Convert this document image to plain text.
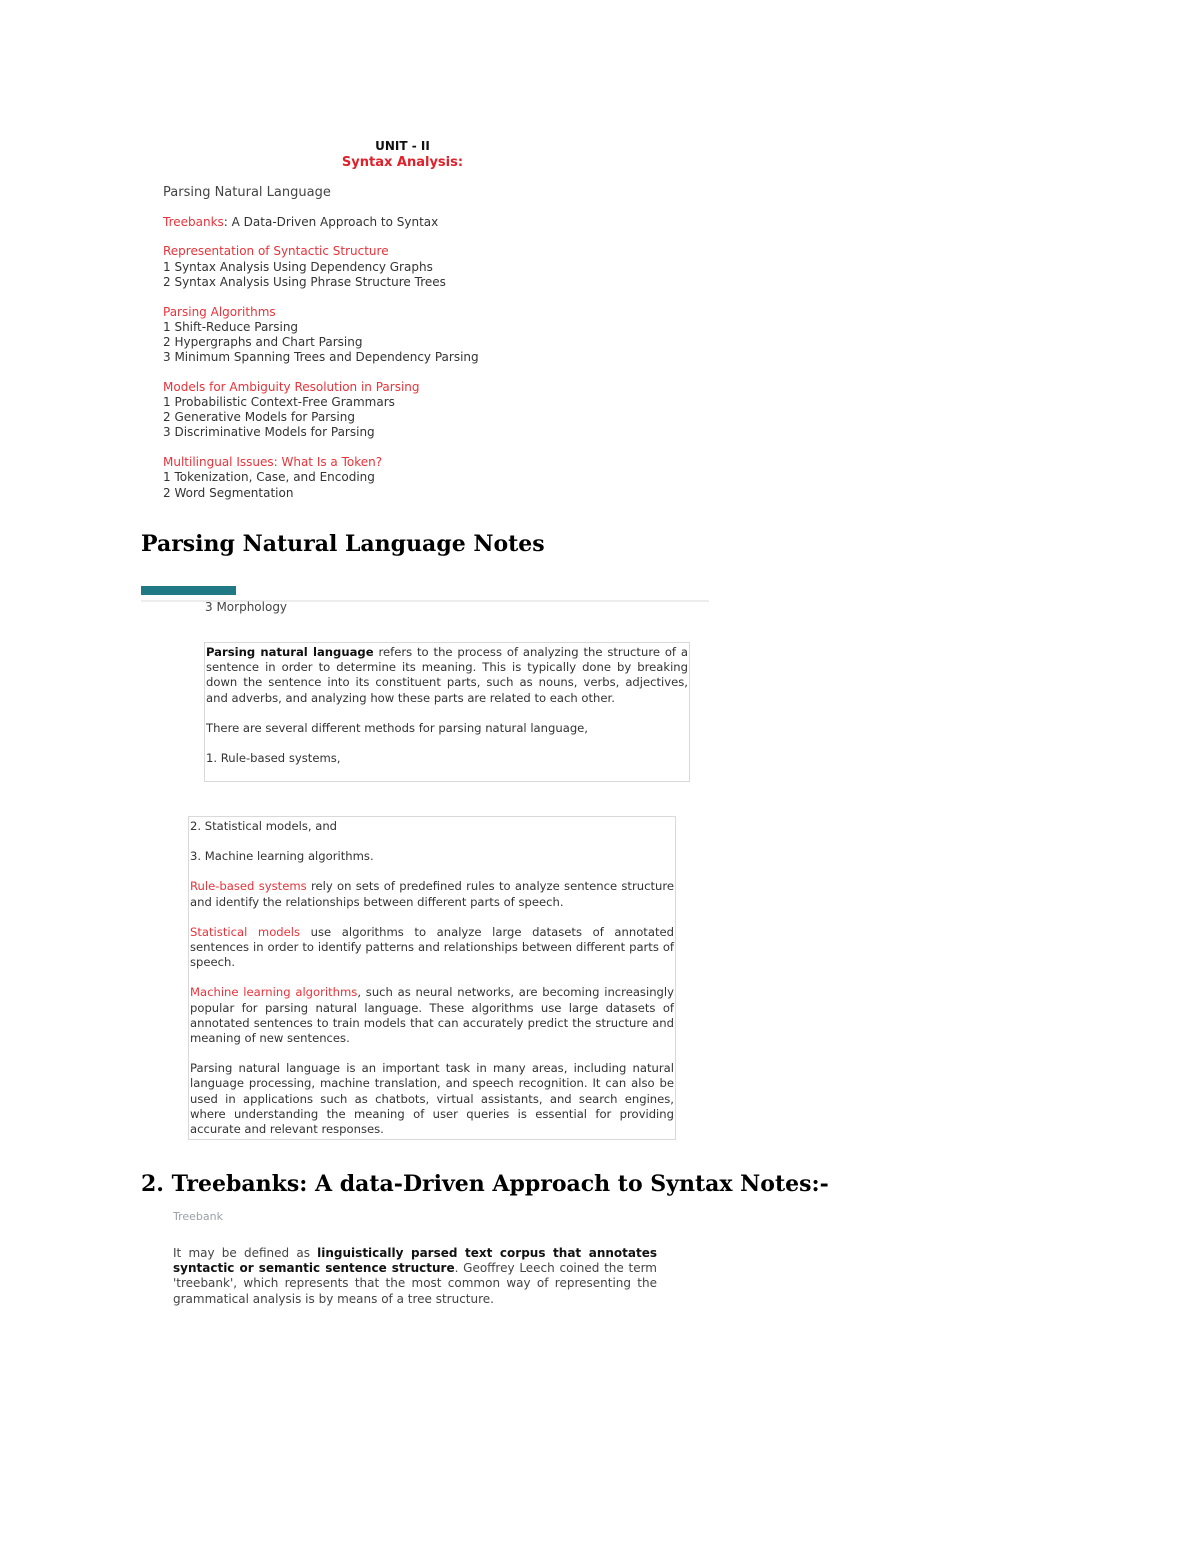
UNIT - II
Syntax Analysis:
Parsing Natural Language
Treebanks: A Data-Driven Approach to Syntax
Representation of Syntactic Structure
1 Syntax Analysis Using Dependency Graphs
2 Syntax Analysis Using Phrase Structure Trees
Parsing Algorithms
1 Shift-Reduce Parsing
2 Hypergraphs and Chart Parsing
3 Minimum Spanning Trees and Dependency Parsing
Models for Ambiguity Resolution in Parsing
1 Probabilistic Context-Free Grammars
2 Generative Models for Parsing
3 Discriminative Models for Parsing
Multilingual Issues: What Is a Token?
1 Tokenization, Case, and Encoding
2 Word Segmentation
Parsing Natural Language Notes
3 Morphology

Parsing natural language refers to the process of analyzing the structure of a sentence in order to determine its meaning. This is typically done by breaking down the sentence into its constituent parts, such as nouns, verbs, adjectives, and adverbs, and analyzing how these parts are related to each other.

There are several different methods for parsing natural language,

1. Rule-based systems,

2. Statistical models, and

3. Machine learning algorithms.

Rule-based systems rely on sets of predefined rules to analyze sentence structure and identify the relationships between different parts of speech.

Statistical models use algorithms to analyze large datasets of annotated sentences in order to identify patterns and relationships between different parts of speech.

Machine learning algorithms, such as neural networks, are becoming increasingly popular for parsing natural language. These algorithms use large datasets of annotated sentences to train models that can accurately predict the structure and meaning of new sentences.

Parsing natural language is an important task in many areas, including natural language processing, machine translation, and speech recognition. It can also be used in applications such as chatbots, virtual assistants, and search engines, where understanding the meaning of user queries is essential for providing accurate and relevant responses.

2. Treebanks: A data-Driven Approach to Syntax Notes:-
Treebank
It may be defined as linguistically parsed text corpus that annotates syntactic or semantic sentence structure. Geoffrey Leech coined the term 'treebank', which represents that the most common way of representing the grammatical analysis is by means of a tree structure.
